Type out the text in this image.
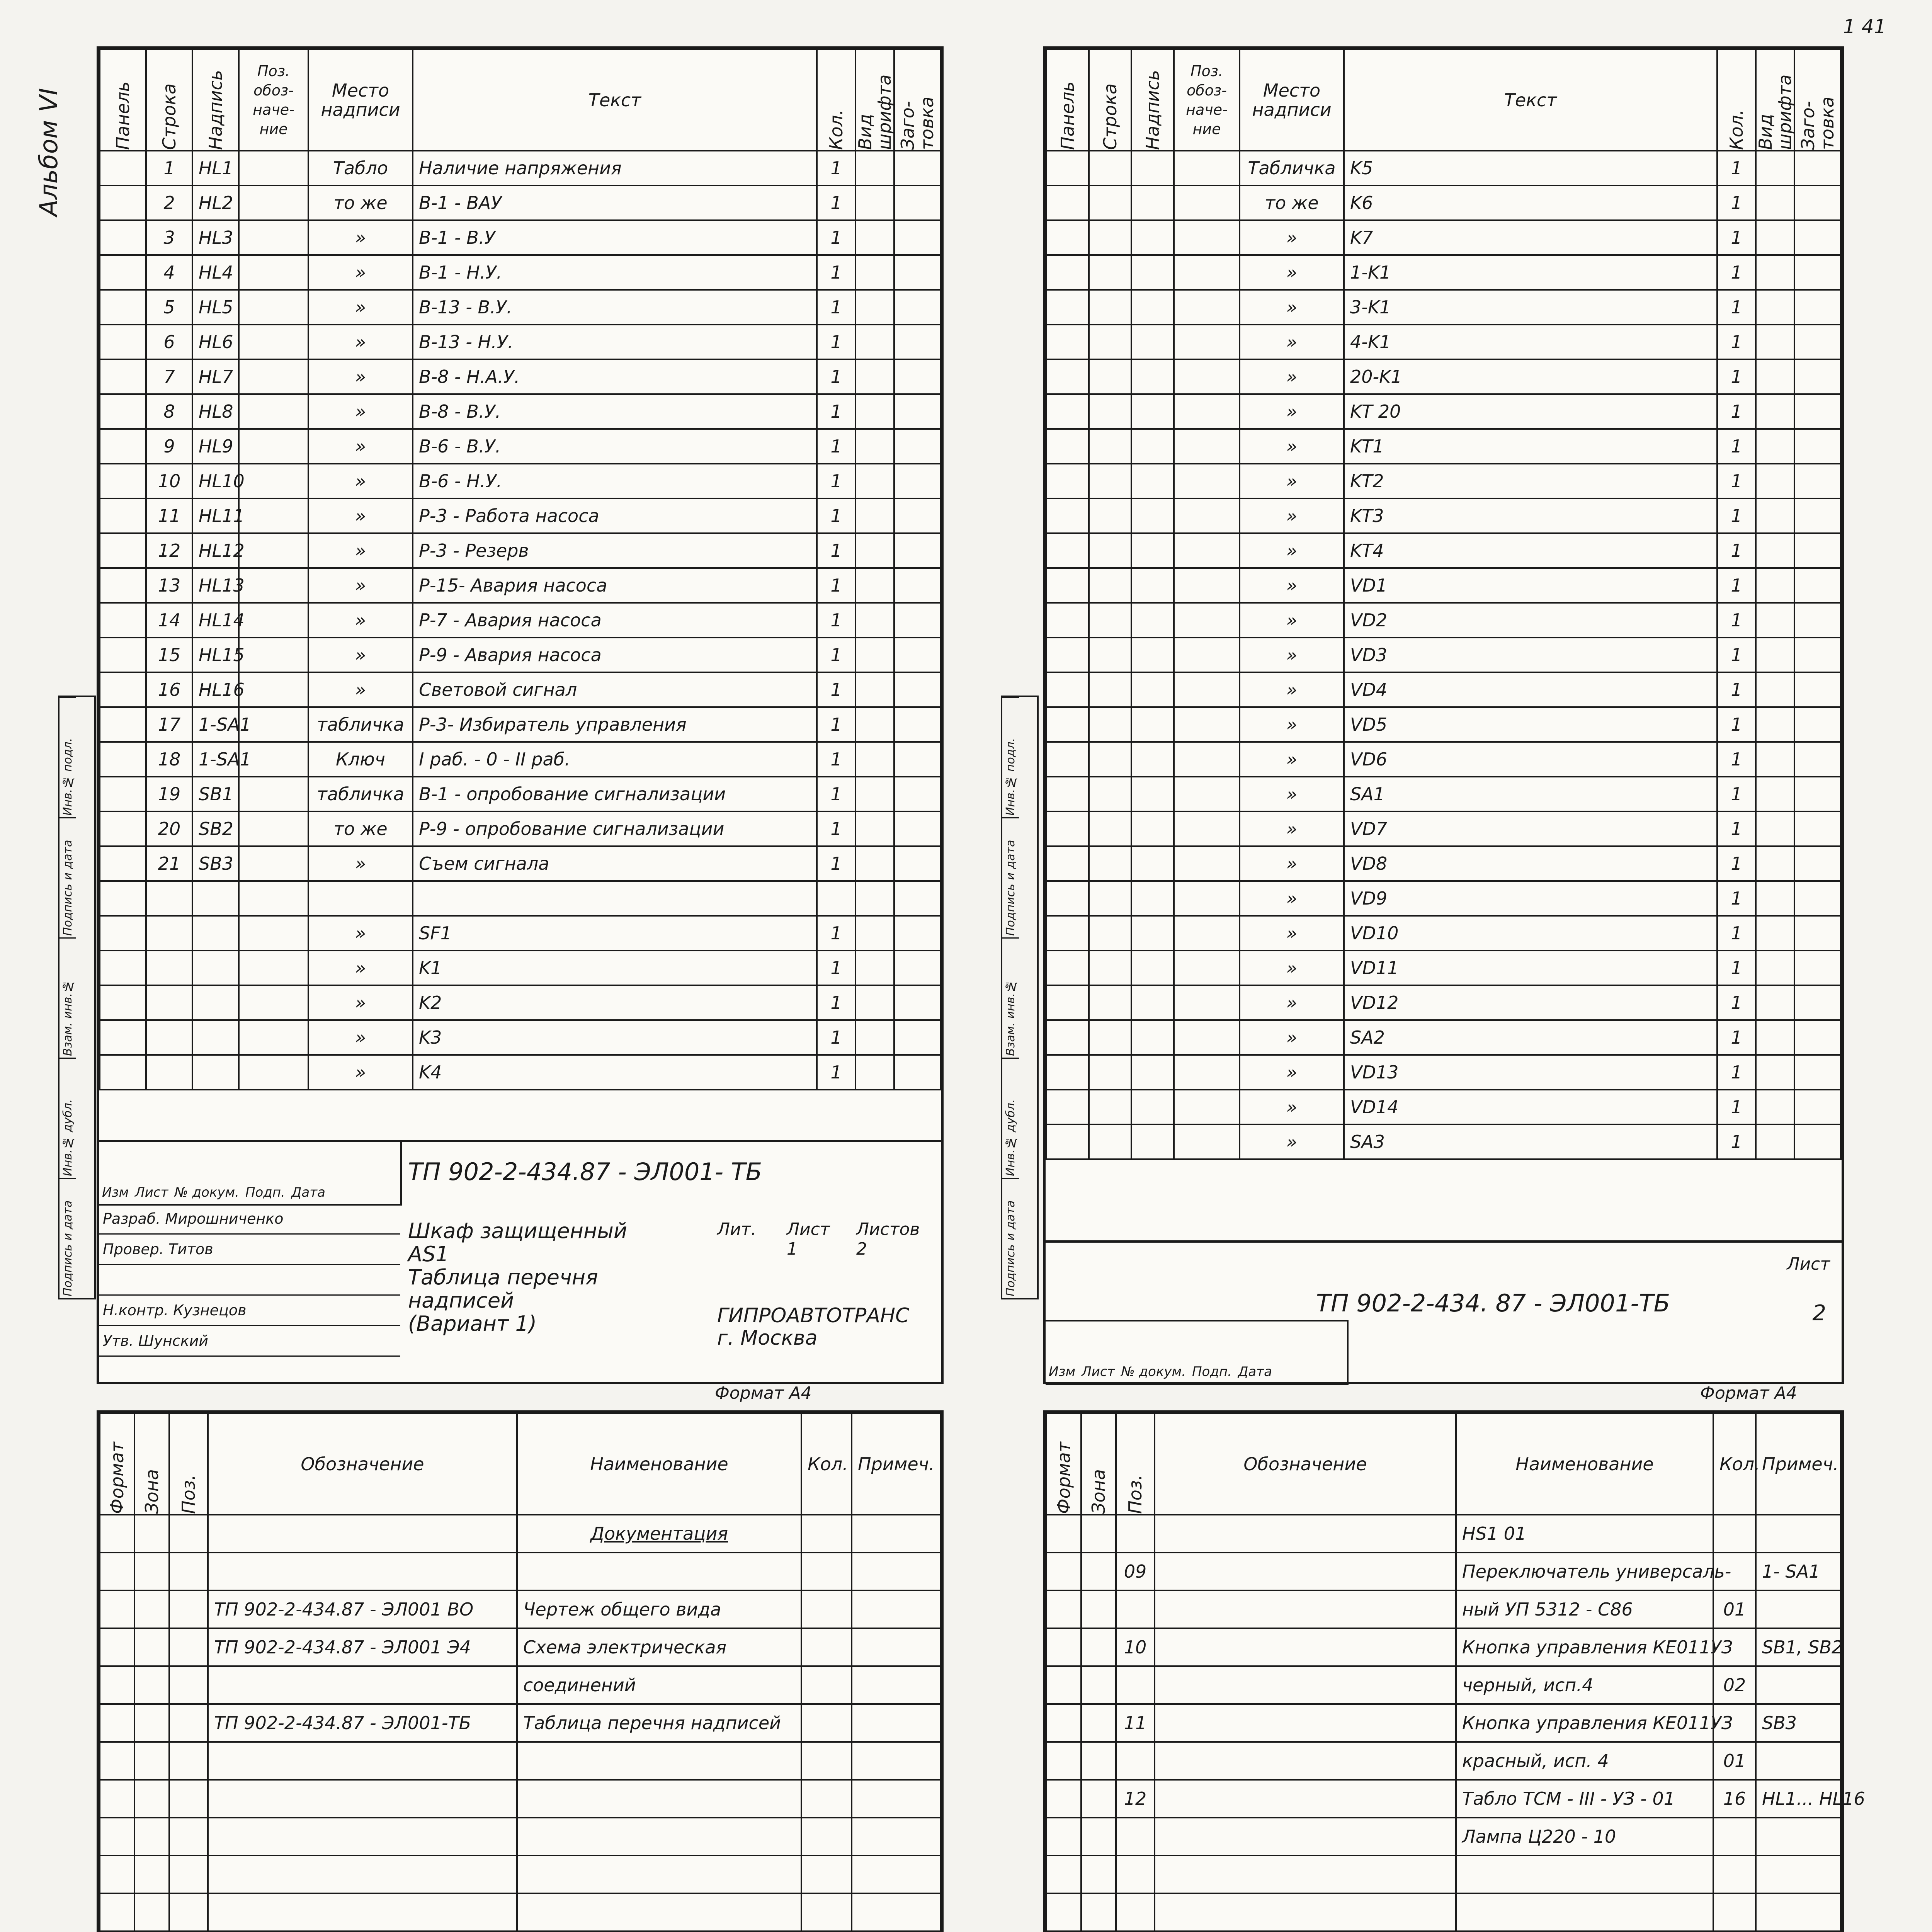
1 41
Альбом VI
Инв.№ подл.
Подпись и дата
Взам. инв.№
Инв.№ дубл.
Подпись и дата
Инв.№ подл.
Подпись и дата
Взам. инв.№
Инв.№ дубл.
Подпись и дата
Панель	Строка	Надпись	Поз. обоз- наче- ние	Место надписи	Текст	Кол.	Вид шрифта	Заго- товка
	1	HL1		Табло	Наличие напряжения	1		
	2	HL2		то же	В-1 - ВАУ	1		
	3	HL3		»	В-1 - В.У	1		
	4	HL4		»	В-1 - Н.У.	1		
	5	HL5		»	В-13 - В.У.	1		
	6	HL6		»	В-13 - Н.У.	1		
	7	HL7		»	В-8 - Н.А.У.	1		
	8	HL8		»	В-8 - В.У.	1		
	9	HL9		»	В-6 - В.У.	1		
	10	HL10		»	В-6 - Н.У.	1		
	11	HL11		»	Р-3 - Работа насоса	1		
	12	HL12		»	Р-3 - Резерв	1		
	13	HL13		»	Р-15- Авария насоса	1		
	14	HL14		»	Р-7 - Авария насоса	1		
	15	HL15		»	Р-9 - Авария насоса	1		
	16	HL16		»	Световой сигнал	1		
	17	1-SA1		табличка	Р-3- Избиратель управления	1		
	18	1-SA1		Ключ	I раб. - 0 - II раб.	1		
	19	SB1		табличка	В-1 - опробование сигнализации	1		
	20	SB2		то же	Р-9 - опробование сигнализации	1		
	21	SB3		»	Съем сигнала	1		

				»	SF1	1		
				»	K1	1		
				»	K2	1		
				»	K3	1		
				»	K4	1		
Изм Лист № докум. Подп. Дата
Разраб. Мирошниченко
Провер. Титов
Н.контр. Кузнецов
Утв. Шунский
ТП 902-2-434.87 - ЭЛ001- ТБ
Шкаф защищенный
AS1
Таблица перечня
надписей
(Вариант 1)
Лит. Лист Листов
1	2
ГИПРОАВТОТРАНС
г. Москва
Формат А4
Панель	Строка	Надпись	Поз. обоз- наче- ние	Место надписи	Текст	Кол.	Вид шрифта	Заго- товка
				Табличка	K5	1		
				то же	K6	1		
				»	K7	1		
				»	1-K1	1		
				»	3-K1	1		
				»	4-K1	1		
				»	20-K1	1		
				»	KT 20	1		
				»	KT1	1		
				»	KT2	1		
				»	KT3	1		
				»	KT4	1		
				»	VD1	1		
				»	VD2	1		
				»	VD3	1		
				»	VD4	1		
				»	VD5	1		
				»	VD6	1		
				»	SA1	1		
				»	VD7	1		
				»	VD8	1		
				»	VD9	1		
				»	VD10	1		
				»	VD11	1		
				»	VD12	1		
				»	SA2	1		
				»	VD13	1		
				»	VD14	1		
				»	SA3	1		
Изм Лист № докум. Подп. Дата
ТП 902-2-434. 87 - ЭЛ001-ТБ
Лист
2
Формат А4
Формат	Зона	Поз.	Обозначение	Наименование	Кол.	Примеч.
				Документация		

			ТП 902-2-434.87 - ЭЛ001 ВО	Чертеж общего вида		
			ТП 902-2-434.87 - ЭЛ001 Э4	Схема электрическая		
				соединений		
			ТП 902-2-434.87 - ЭЛ001-ТБ	Таблица перечня надписей		

Формат	Зона	Поз.	Обозначение	Наименование	Кол.	Примеч.
				HS1 01		
		09		Переключатель универсаль-		1- SA1
				ный УП 5312 - С86	01	
		10		Кнопка управления КЕ011УЗ		SB1, SB2
				черный, исп.4	02	
		11		Кнопка управления КЕ011УЗ		SB3
				красный, исп. 4	01	
		12		Табло ТСМ - III - УЗ - 01	16	HL1... HL16
				Лампа Ц220 - 10		
